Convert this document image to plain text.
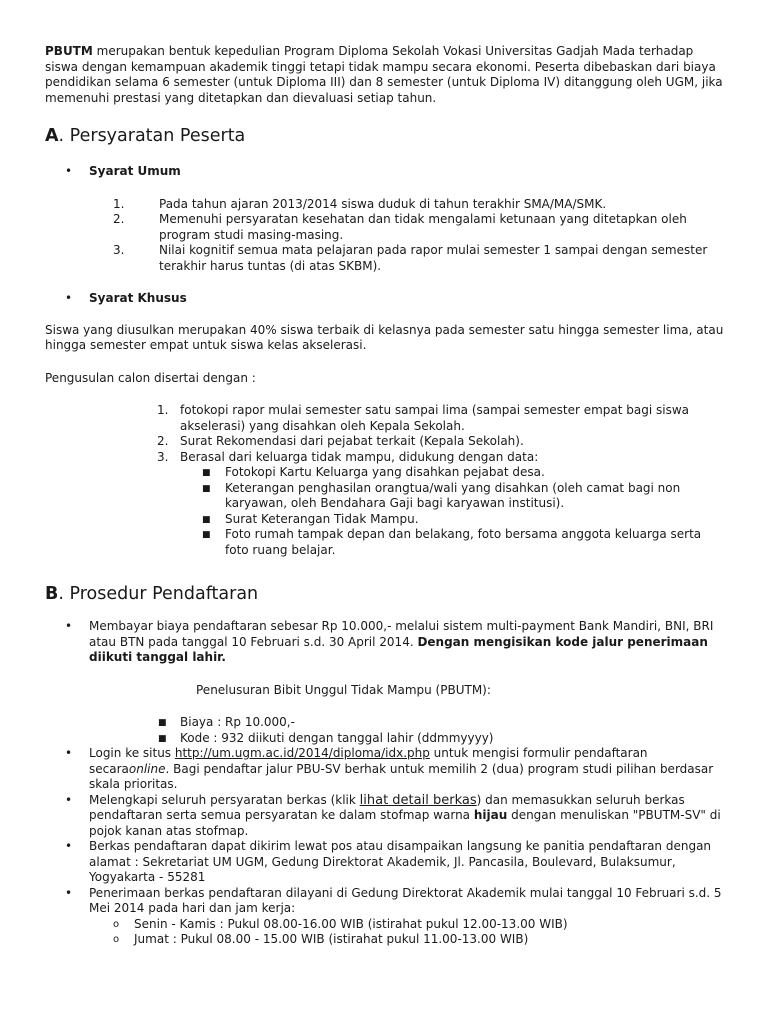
PBUTM merupakan bentuk kepedulian Program Diploma Sekolah Vokasi Universitas Gadjah Mada terhadap siswa dengan kemampuan akademik tinggi tetapi tidak mampu secara ekonomi. Peserta dibebaskan dari biaya pendidikan selama 6 semester (untuk Diploma III) dan 8 semester (untuk Diploma IV) ditanggung oleh UGM, jika memenuhi prestasi yang ditetapkan dan dievaluasi setiap tahun.

A. Persyaratan Peserta
• Syarat Umum
1.	Pada tahun ajaran 2013/2014 siswa duduk di tahun terakhir SMA/MA/SMK.
2.	Memenuhi persyaratan kesehatan dan tidak mengalami ketunaan yang ditetapkan oleh program studi masing-masing.
3.	Nilai kognitif semua mata pelajaran pada rapor mulai semester 1 sampai dengan semester terakhir harus tuntas (di atas SKBM).
• Syarat Khusus

Siswa yang diusulkan merupakan 40% siswa terbaik di kelasnya pada semester satu hingga semester lima, atau hingga semester empat untuk siswa kelas akselerasi.

Pengusulan calon disertai dengan :

1. fotokopi rapor mulai semester satu sampai lima (sampai semester empat bagi siswa akselerasi) yang disahkan oleh Kepala Sekolah.
2. Surat Rekomendasi dari pejabat terkait (Kepala Sekolah).
3. Berasal dari keluarga tidak mampu, didukung dengan data:
■ Fotokopi Kartu Keluarga yang disahkan pejabat desa.
■ Keterangan penghasilan orangtua/wali yang disahkan (oleh camat bagi non karyawan, oleh Bendahara Gaji bagi karyawan institusi).
■ Surat Keterangan Tidak Mampu.
■ Foto rumah tampak depan dan belakang, foto bersama anggota keluarga serta foto ruang belajar.
B. Prosedur Pendaftaran
• Membayar biaya pendaftaran sebesar Rp 10.000,- melalui sistem multi-payment Bank Mandiri, BNI, BRI atau BTN pada tanggal 10 Februari s.d. 30 April 2014. Dengan mengisikan kode jalur penerimaan diikuti tanggal lahir.

Penelusuran Bibit Unggul Tidak Mampu (PBUTM):

■ Biaya : Rp 10.000,-
■ Kode : 932 diikuti dengan tanggal lahir (ddmmyyyy)
• Login ke situs http://um.ugm.ac.id/2014/diploma/idx.php untuk mengisi formulir pendaftaran secaraonline. Bagi pendaftar jalur PBU-SV berhak untuk memilih 2 (dua) program studi pilihan berdasar skala prioritas.
• Melengkapi seluruh persyaratan berkas (klik lihat detail berkas) dan memasukkan seluruh berkas pendaftaran serta semua persyaratan ke dalam stofmap warna hijau dengan menuliskan "PBUTM-SV" di pojok kanan atas stofmap.
• Berkas pendaftaran dapat dikirim lewat pos atau disampaikan langsung ke panitia pendaftaran dengan alamat : Sekretariat UM UGM, Gedung Direktorat Akademik, Jl. Pancasila, Boulevard, Bulaksumur, Yogyakarta - 55281
• Penerimaan berkas pendaftaran dilayani di Gedung Direktorat Akademik mulai tanggal 10 Februari s.d. 5 Mei 2014 pada hari dan jam kerja:
o Senin - Kamis : Pukul 08.00-16.00 WIB (istirahat pukul 12.00-13.00 WIB)
o Jumat : Pukul 08.00 - 15.00 WIB (istirahat pukul 11.00-13.00 WIB)
